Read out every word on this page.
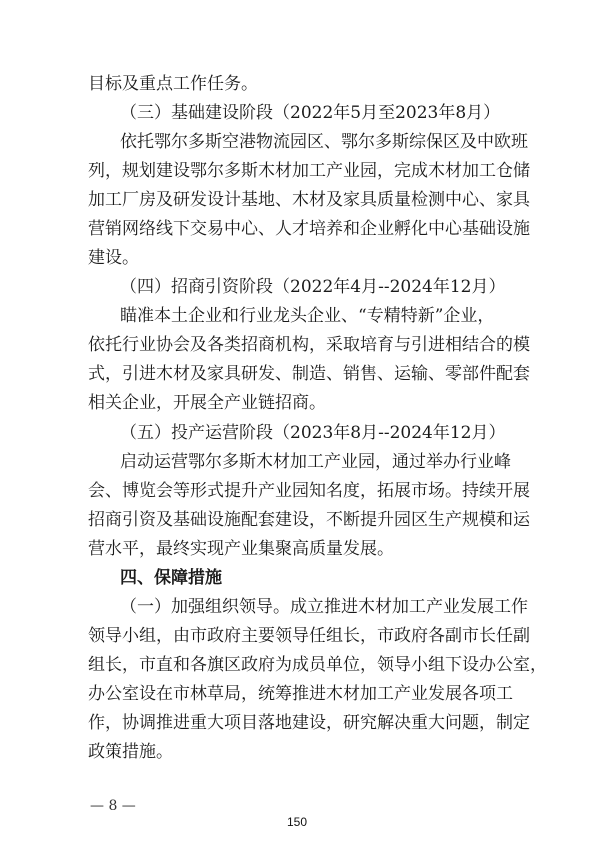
目标及重点工作任务。
（三）基础建设阶段（2022年5月至2023年8月）
依托鄂尔多斯空港物流园区、鄂尔多斯综保区及中欧班
列，规划建设鄂尔多斯木材加工产业园，完成木材加工仓储
加工厂房及研发设计基地、木材及家具质量检测中心、家具
营销网络线下交易中心、人才培养和企业孵化中心基础设施
建设。
（四）招商引资阶段（2022年4月--2024年12月）
瞄准本土企业和行业龙头企业、“专精特新”企业，
依托行业协会及各类招商机构，采取培育与引进相结合的模
式，引进木材及家具研发、制造、销售、运输、零部件配套
相关企业，开展全产业链招商。
（五）投产运营阶段（2023年8月--2024年12月）
启动运营鄂尔多斯木材加工产业园，通过举办行业峰
会、博览会等形式提升产业园知名度，拓展市场。持续开展
招商引资及基础设施配套建设，不断提升园区生产规模和运
营水平，最终实现产业集聚高质量发展。
四、保障措施
（一）加强组织领导。成立推进木材加工产业发展工作
领导小组，由市政府主要领导任组长，市政府各副市长任副
组长，市直和各旗区政府为成员单位，领导小组下设办公室，
办公室设在市林草局，统筹推进木材加工产业发展各项工
作，协调推进重大项目落地建设，研究解决重大问题，制定
政策措施。
— 8 —
150
